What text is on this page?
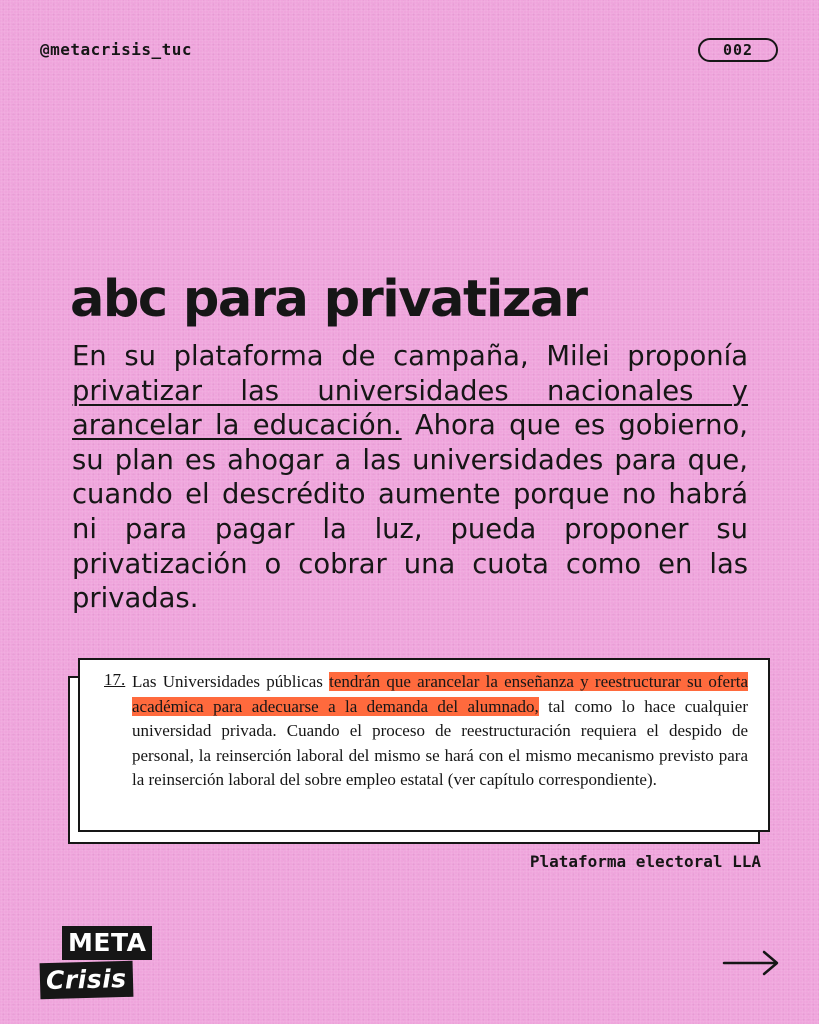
@metacrisis_tuc	002
abc para privatizar

En su plataforma de campaña, Milei proponía privatizar las universidades nacionales y arancelar la educación. Ahora que es gobierno, su plan es ahogar a las universidades para que, cuando el descrédito aumente porque no habrá ni para pagar la luz, pueda proponer su privatización o cobrar una cuota como en las privadas.

17. Las Universidades públicas tendrán que arancelar la enseñanza y reestructurar su oferta académica para adecuarse a la demanda del alumnado, tal como lo hace cualquier universidad privada. Cuando el proceso de reestructuración requiera el despido de personal, la reinserción laboral del mismo se hará con el mismo mecanismo previsto para la reinserción laboral del sobre empleo estatal (ver capítulo correspondiente).
Plataforma electoral LLA
META
Crisis
